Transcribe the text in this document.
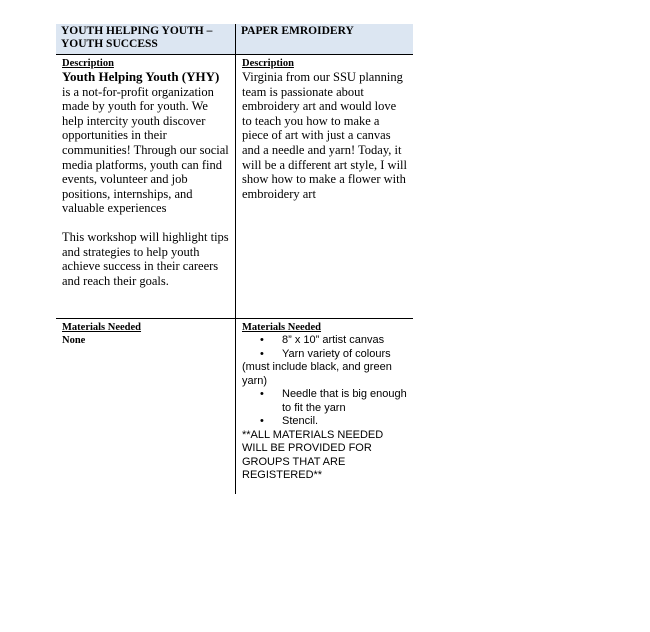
YOUTH HELPING YOUTH – YOUTH SUCCESS
PAPER EMROIDERY
Description
Youth Helping Youth (YHY) is a not-for-profit organization made by youth for youth. We help intercity youth discover opportunities in their communities! Through our social media platforms, youth can find events, volunteer and job positions, internships, and valuable experiences
This workshop will highlight tips and strategies to help youth achieve success in their careers and reach their goals.
Description
Virginia from our SSU planning team is passionate about embroidery art and would love to teach you how to make a piece of art with just a canvas and a needle and yarn! Today, it will be a different art style, I will show how to make a flower with embroidery art
Materials Needed
None
Materials Needed
• 8” x 10” artist canvas
• Yarn variety of colours (must include black, and green yarn)
• Needle that is big enough to fit the yarn
• Stencil.
**ALL MATERIALS NEEDED WILL BE PROVIDED FOR GROUPS THAT ARE REGISTERED**
